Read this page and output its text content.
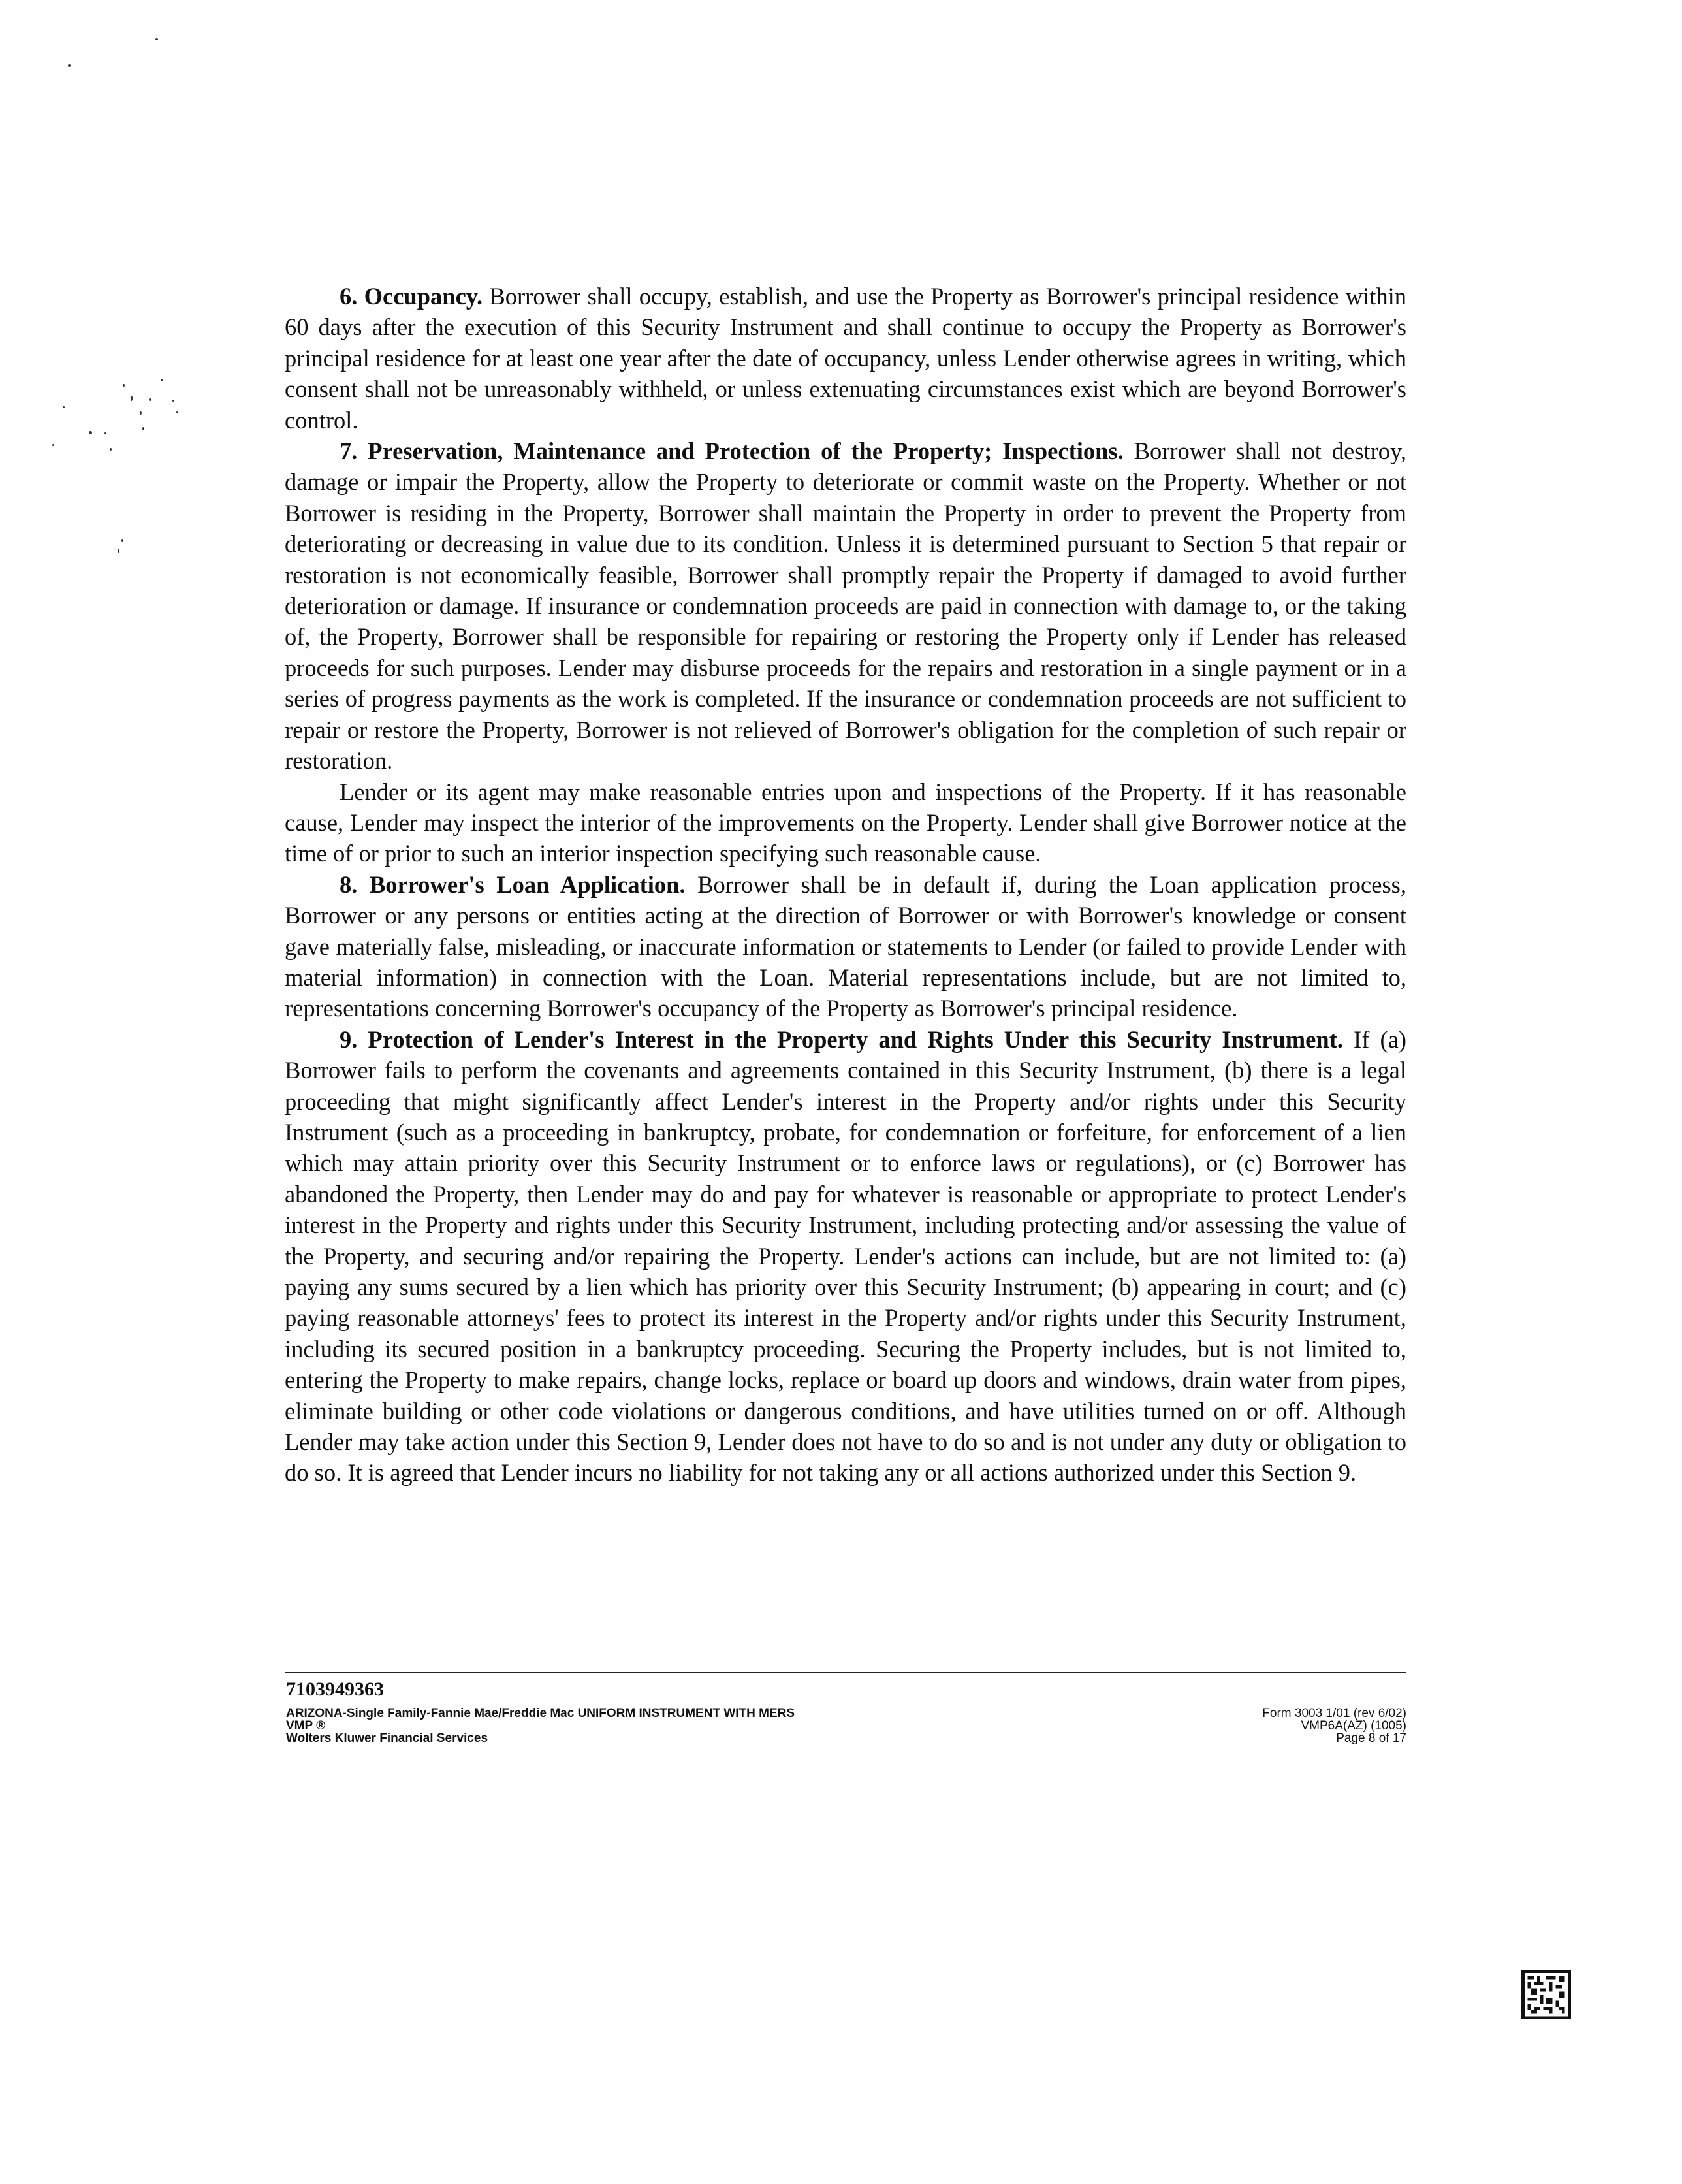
6. Occupancy. Borrower shall occupy, establish, and use the Property as Borrower's principal residence within 60 days after the execution of this Security Instrument and shall continue to occupy the Property as Borrower's principal residence for at least one year after the date of occupancy, unless Lender otherwise agrees in writing, which consent shall not be unreasonably withheld, or unless extenuating circumstances exist which are beyond Borrower's control.

7. Preservation, Maintenance and Protection of the Property; Inspections. Borrower shall not destroy, damage or impair the Property, allow the Property to deteriorate or commit waste on the Property. Whether or not Borrower is residing in the Property, Borrower shall maintain the Property in order to prevent the Property from deteriorating or decreasing in value due to its condition. Unless it is determined pursuant to Section 5 that repair or restoration is not economically feasible, Borrower shall promptly repair the Property if damaged to avoid further deterioration or damage. If insurance or condemnation proceeds are paid in connection with damage to, or the taking of, the Property, Borrower shall be responsible for repairing or restoring the Property only if Lender has released proceeds for such purposes. Lender may disburse proceeds for the repairs and restoration in a single payment or in a series of progress payments as the work is completed. If the insurance or condemnation proceeds are not sufficient to repair or restore the Property, Borrower is not relieved of Borrower's obligation for the completion of such repair or restoration.

Lender or its agent may make reasonable entries upon and inspections of the Property. If it has reasonable cause, Lender may inspect the interior of the improvements on the Property. Lender shall give Borrower notice at the time of or prior to such an interior inspection specifying such reasonable cause.

8. Borrower's Loan Application. Borrower shall be in default if, during the Loan application process, Borrower or any persons or entities acting at the direction of Borrower or with Borrower's knowledge or consent gave materially false, misleading, or inaccurate information or statements to Lender (or failed to provide Lender with material information) in connection with the Loan. Material representations include, but are not limited to, representations concerning Borrower's occupancy of the Property as Borrower's principal residence.

9. Protection of Lender's Interest in the Property and Rights Under this Security Instrument. If (a) Borrower fails to perform the covenants and agreements contained in this Security Instrument, (b) there is a legal proceeding that might significantly affect Lender's interest in the Property and/or rights under this Security Instrument (such as a proceeding in bankruptcy, probate, for condemnation or forfeiture, for enforcement of a lien which may attain priority over this Security Instrument or to enforce laws or regulations), or (c) Borrower has abandoned the Property, then Lender may do and pay for whatever is reasonable or appropriate to protect Lender's interest in the Property and rights under this Security Instrument, including protecting and/or assessing the value of the Property, and securing and/or repairing the Property. Lender's actions can include, but are not limited to: (a) paying any sums secured by a lien which has priority over this Security Instrument; (b) appearing in court; and (c) paying reasonable attorneys' fees to protect its interest in the Property and/or rights under this Security Instrument, including its secured position in a bankruptcy proceeding. Securing the Property includes, but is not limited to, entering the Property to make repairs, change locks, replace or board up doors and windows, drain water from pipes, eliminate building or other code violations or dangerous conditions, and have utilities turned on or off. Although Lender may take action under this Section 9, Lender does not have to do so and is not under any duty or obligation to do so. It is agreed that Lender incurs no liability for not taking any or all actions authorized under this Section 9.

7103949363
ARIZONA-Single Family-Fannie Mae/Freddie Mac UNIFORM INSTRUMENT WITH MERS
VMP ®
Wolters Kluwer Financial Services
Form 3003 1/01 (rev 6/02)
VMP6A(AZ) (1005)
Page 8 of 17
